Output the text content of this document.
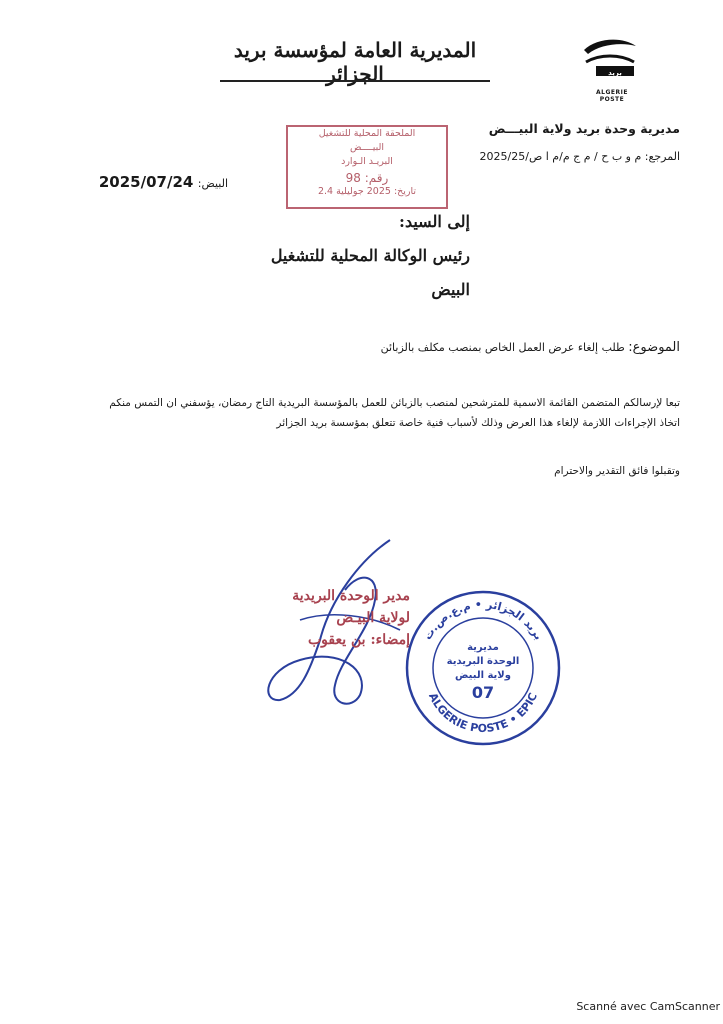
المديرية العامة لمؤسسة بريد الجزائر	بريد
ALGERIE POSTE
مديرية وحدة بريد ولاية البيـــض
المرجع: م و ب ح / م ج م/م ا ص/2025/25
البيض: 2025/07/24
الملحقة المحلية للتشغيل
البيــــض
البريـد الـوارد
رقم: 98
تاريخ: 2025 جوليلية 2.4
إلى السيد:
رئيس الوكالة المحلية للتشغيل
البيض
الموضوع: طلب إلغاء عرض العمل الخاص بمنصب مكلف بالزبائن
تبعا لإرسالكم المتضمن القائمة الاسمية للمترشحين لمنصب بالزبائن للعمل بالمؤسسة البريدية التاج رمضان، يؤسفني ان التمس منكم
اتخاذ الإجراءات اللازمة لإلغاء هذا العرض وذلك لأسباب فنية خاصة تتعلق بمؤسسة بريد الجزائر
وتقبلوا فائق التقدير والاحترام
مدير الوحدة البريدية
لولاية البيـض
إمضاء: بن يعقوب بريد الجزائر • م.ع.ص.ت
ALGERIE POSTE • EPIC
مديرية
الوحدة البريدية
ولاية البيض
07
Scanné avec CamScanner
